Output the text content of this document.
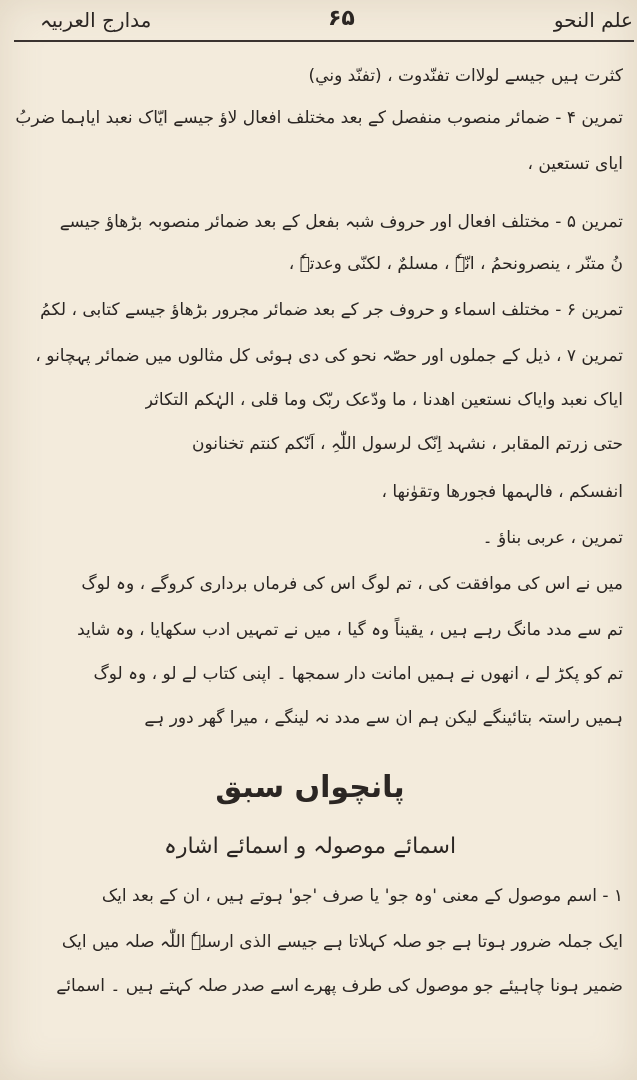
مدارج العربیہ	۶۵	علم النحو
کثرت ہیں جیسے لولاات تفنّدوت ، (تفنّد وني)
تمرین ۴ - ضمائر منصوب منفصل کے بعد مختلف افعال لاؤ جیسے ایّاک نعبد ایاہما ضربُ
ایای تستعین ،
تمرین ۵ - مختلف افعال اور حروف شبہ بفعل کے بعد ضمائر منصوبہ بڑھاؤ جیسے
نُ متنّر ، ینصرونحمُ ، انّہٗ ، مسلمٌ ، لکنّی وعدتہٗ ،
تمرین ۶ - مختلف اسماء و حروف جر کے بعد ضمائر مجرور بڑھاؤ جیسے کتابی ، لکمُ
تمرین ۷ ، ذیل کے جملوں اور حصّہ نحو کی دی ہوئی کل مثالوں میں ضمائر پہچانو ،
ایاک نعبد وایاک نستعین اھدنا ، ما ودّعک ربّک وما قلی ، الہٰکم التکاثر
حتی زرتم المقابر ، نشہد اِنّک لرسول اللّٰہِ ، اَنّکم کنتم تخنانون
انفسکم ، فالہمھا فجورھا وتقوٰنھا ،
تمرین ، عربی بناؤ ۔
میں نے اس کی موافقت کی ، تم لوگ اس کی فرماں برداری کروگے ، وہ لوگ
تم سے مدد مانگ رہے ہیں ، یقیناً وہ گیا ، میں نے تمہیں ادب سکھایا ، وہ شاید
تم کو پکڑ لے ، انھوں نے ہمیں امانت دار سمجھا ۔ اپنی کتاب لے لو ، وہ لوگ
ہمیں راستہ بتائینگے لیکن ہم ان سے مدد نہ لینگے ، میرا گھر دور ہے
پانچواں سبق
اسمائے موصولہ و اسمائے اشارہ
۱ - اسم موصول کے معنی 'وہ جو' یا صرف 'جو' ہوتے ہیں ، ان کے بعد ایک
ایک جملہ ضرور ہوتا ہے جو صلہ کہلاتا ہے جیسے الذی ارسلہٗ اللّٰہ صلہ میں ایک
ضمیر ہونا چاہیئے جو موصول کی طرف پھرے اسے صدر صلہ کہتے ہیں ۔ اسمائے
